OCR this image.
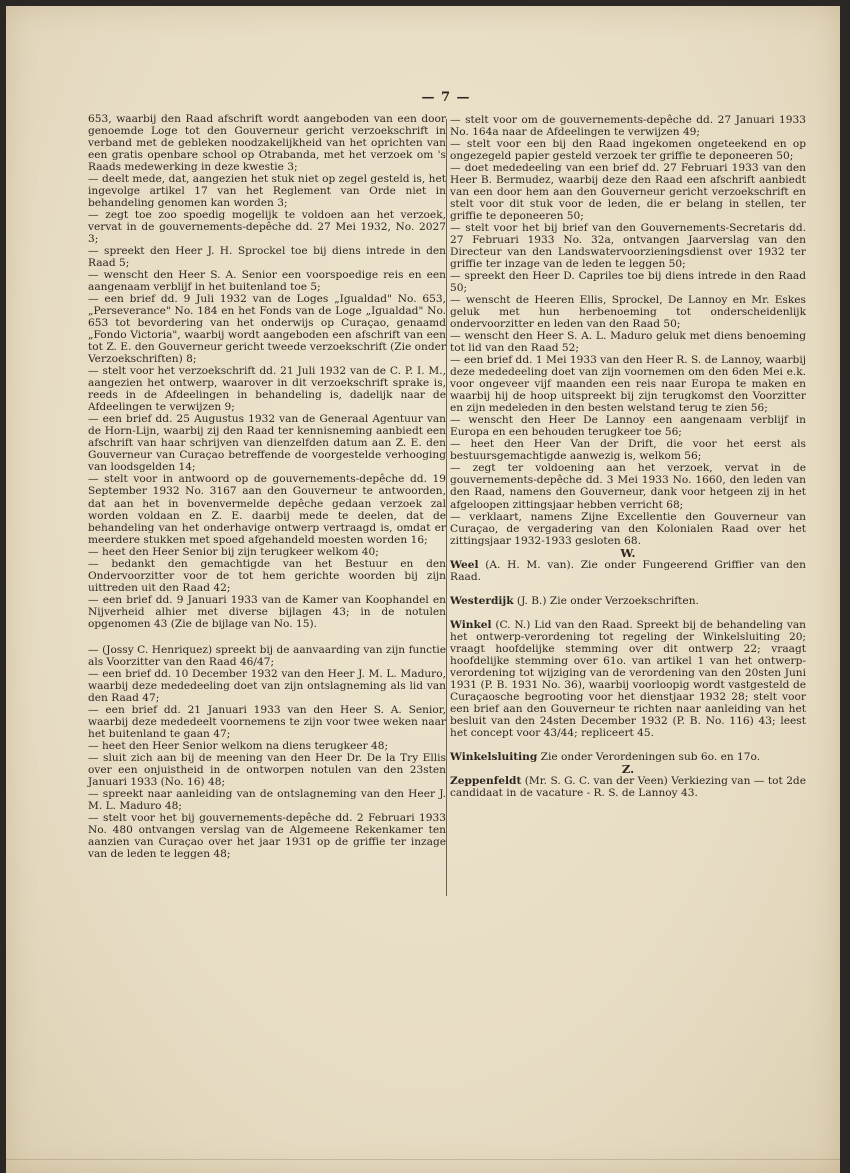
— 7 —

653, waarbij den Raad afschrift wordt aangeboden van een door genoemde Loge tot den Gouverneur gericht verzoekschrift in verband met de gebleken noodzakelijkheid van het oprichten van een gratis openbare school op Otrabanda, met het verzoek om 's Raads medewerking in deze kwestie 3;

— deelt mede, dat, aangezien het stuk niet op zegel gesteld is, het ingevolge artikel 17 van het Reglement van Orde niet in behandeling genomen kan worden 3;

— zegt toe zoo spoedig mogelijk te voldoen aan het verzoek, vervat in de gouvernements-depêche dd. 27 Mei 1932, No. 2027 3;

— spreekt den Heer J. H. Sprockel toe bij diens intrede in den Raad 5;

— wenscht den Heer S. A. Senior een voorspoedige reis en een aangenaam verblijf in het buitenland toe 5;

— een brief dd. 9 Juli 1932 van de Loges „Igualdad" No. 653, „Perseverance" No. 184 en het Fonds van de Loge „Igualdad" No. 653 tot bevordering van het onderwijs op Curaçao, genaamd „Fondo Victoria", waarbij wordt aangeboden een afschrift van een tot Z. E. den Gouverneur gericht tweede verzoekschrift (Zie onder Verzoekschriften) 8;

— stelt voor het verzoekschrift dd. 21 Juli 1932 van de C. P. I. M., aangezien het ontwerp, waarover in dit verzoekschrift sprake is, reeds in de Afdeelingen in behandeling is, dadelijk naar de Afdeelingen te verwijzen 9;

— een brief dd. 25 Augustus 1932 van de Generaal Agentuur van de Horn-Lijn, waarbij zij den Raad ter kennisneming aanbiedt een afschrift van haar schrijven van dienzelfden datum aan Z. E. den Gouverneur van Curaçao betreffende de voorgestelde verhooging van loodsgelden 14;

— stelt voor in antwoord op de gouvernements-depêche dd. 19 September 1932 No. 3167 aan den Gouverneur te antwoorden, dat aan het in bovenvermelde depêche gedaan verzoek zal worden voldaan en Z. E. daarbij mede te deelen, dat de behandeling van het onderhavige ontwerp vertraagd is, omdat er meerdere stukken met spoed afgehandeld moesten worden 16;

— heet den Heer Senior bij zijn terugkeer welkom 40;

— bedankt den gemachtigde van het Bestuur en den Ondervoorzitter voor de tot hem gerichte woorden bij zijn uittreden uit den Raad 42;

— een brief dd. 9 Januari 1933 van de Kamer van Koophandel en Nijverheid alhier met diverse bijlagen 43; in de notulen opgenomen 43 (Zie de bijlage van No. 15).

— (Jossy C. Henriquez) spreekt bij de aanvaarding van zijn functie als Voorzitter van den Raad 46/47;

— een brief dd. 10 December 1932 van den Heer J. M. L. Maduro, waarbij deze mededeeling doet van zijn ontslagneming als lid van den Raad 47;

— een brief dd. 21 Januari 1933 van den Heer S. A. Senior, waarbij deze mededeelt voornemens te zijn voor twee weken naar het buitenland te gaan 47;

— heet den Heer Senior welkom na diens terugkeer 48;

— sluit zich aan bij de meening van den Heer Dr. De la Try Ellis over een onjuistheid in de ontworpen notulen van den 23sten Januari 1933 (No. 16) 48;

— spreekt naar aanleiding van de ontslagneming van den Heer J. M. L. Maduro 48;

— stelt voor het bij gouvernements-depêche dd. 2 Februari 1933 No. 480 ontvangen verslag van de Algemeene Rekenkamer ten aanzien van Curaçao over het jaar 1931 op de griffie ter inzage van de leden te leggen 48;

— stelt voor om de gouvernements-depêche dd. 27 Januari 1933 No. 164a naar de Afdeelingen te verwijzen 49;

— stelt voor een bij den Raad ingekomen ongeteekend en op ongezegeld papier gesteld verzoek ter griffie te deponeeren 50;

— doet mededeeling van een brief dd. 27 Februari 1933 van den Heer B. Bermudez, waarbij deze den Raad een afschrift aanbiedt van een door hem aan den Gouverneur gericht verzoekschrift en stelt voor dit stuk voor de leden, die er belang in stellen, ter griffie te deponeeren 50;

— stelt voor het bij brief van den Gouvernements-Secretaris dd. 27 Februari 1933 No. 32a, ontvangen Jaarverslag van den Directeur van den Landswatervoorzieningsdienst over 1932 ter griffie ter inzage van de leden te leggen 50;

— spreekt den Heer D. Capriles toe bij diens intrede in den Raad 50;

— wenscht de Heeren Ellis, Sprockel, De Lannoy en Mr. Eskes geluk met hun herbenoeming tot onderscheidenlijk ondervoorzitter en leden van den Raad 50;

— wenscht den Heer S. A. L. Maduro geluk met diens benoeming tot lid van den Raad 52;

— een brief dd. 1 Mei 1933 van den Heer R. S. de Lannoy, waarbij deze mededeeling doet van zijn voornemen om den 6den Mei e.k. voor ongeveer vijf maanden een reis naar Europa te maken en waarbij hij de hoop uitspreekt bij zijn terugkomst den Voorzitter en zijn medeleden in den besten welstand terug te zien 56;

— wenscht den Heer De Lannoy een aangenaam verblijf in Europa en een behouden terugkeer toe 56;

— heet den Heer Van der Drift, die voor het eerst als bestuursgemachtigde aanwezig is, welkom 56;

— zegt ter voldoening aan het verzoek, vervat in de gouvernements-depêche dd. 3 Mei 1933 No. 1660, den leden van den Raad, namens den Gouverneur, dank voor hetgeen zij in het afgeloopen zittingsjaar hebben verricht 68;

— verklaart, namens Zijne Excellentie den Gouverneur van Curaçao, de vergadering van den Kolonialen Raad over het zittingsjaar 1932-1933 gesloten 68.

W.

Weel (A. H. M. van). Zie onder Fungeerend Griffier van den Raad.

Westerdijk (J. B.) Zie onder Verzoekschriften.

Winkel (C. N.) Lid van den Raad. Spreekt bij de behandeling van het ontwerp-verordening tot regeling der Winkelsluiting 20; vraagt hoofdelijke stemming over dit ontwerp 22; vraagt hoofdelijke stemming over 61o. van artikel 1 van het ontwerp-verordening tot wijziging van de verordening van den 20sten Juni 1931 (P. B. 1931 No. 36), waarbij voorloopig wordt vastgesteld de Curaçaosche begrooting voor het dienstjaar 1932 28; stelt voor een brief aan den Gouverneur te richten naar aanleiding van het besluit van den 24sten December 1932 (P. B. No. 116) 43; leest het concept voor 43/44; repliceert 45.

Winkelsluiting Zie onder Verordeningen sub 6o. en 17o.

Z.

Zeppenfeldt (Mr. S. G. C. van der Veen) Verkiezing van — tot 2de candidaat in de vacature - R. S. de Lannoy 43.
